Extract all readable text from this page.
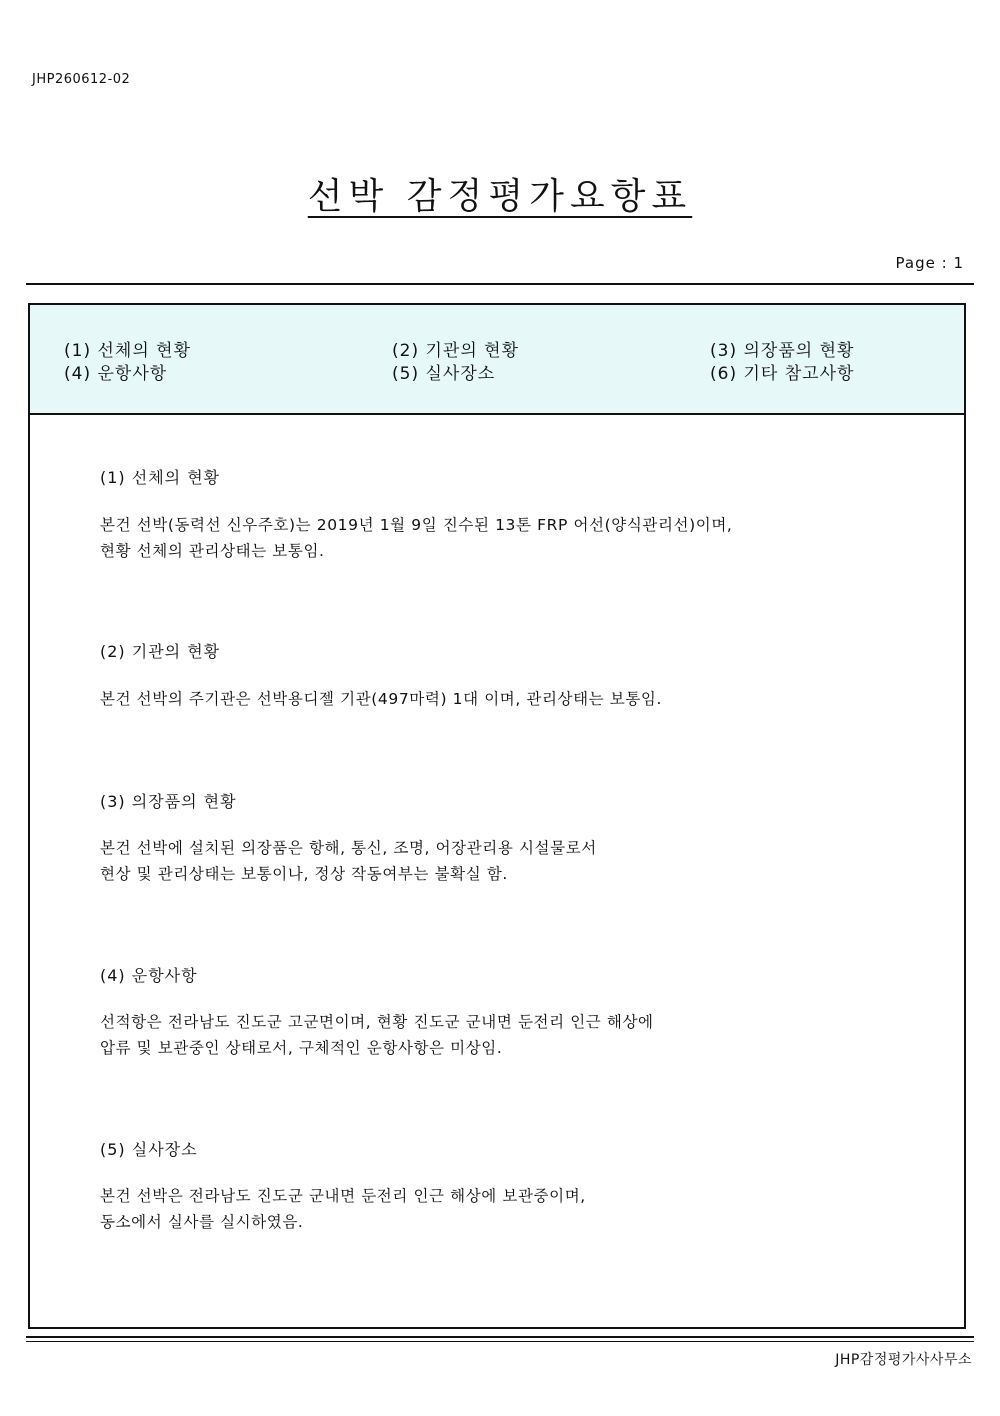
JHP260612-02
선박 감정평가요항표
Page : 1
(1) 선체의 현황	(2) 기관의 현황	(3) 의장품의 현황
(4) 운항사항	(5) 실사장소	(6) 기타 참고사항
(1) 선체의 현황
본건 선박(동력선 신우주호)는 2019년 1월 9일 진수된 13톤 FRP 어선(양식관리선)이며,
현황 선체의 관리상태는 보통임.
(2) 기관의 현황
본건 선박의 주기관은 선박용디젤 기관(497마력) 1대 이며, 관리상태는 보통임.
(3) 의장품의 현황
본건 선박에 설치된 의장품은 항해, 통신, 조명, 어장관리용 시설물로서
현상 및 관리상태는 보통이나, 정상 작동여부는 불확실 함.
(4) 운항사항
선적항은 전라남도 진도군 고군면이며, 현황 진도군 군내면 둔전리 인근 해상에
압류 및 보관중인 상태로서, 구체적인 운항사항은 미상임.
(5) 실사장소
본건 선박은 전라남도 진도군 군내면 둔전리 인근 해상에 보관중이며,
동소에서 실사를 실시하였음.
JHP감정평가사사무소
